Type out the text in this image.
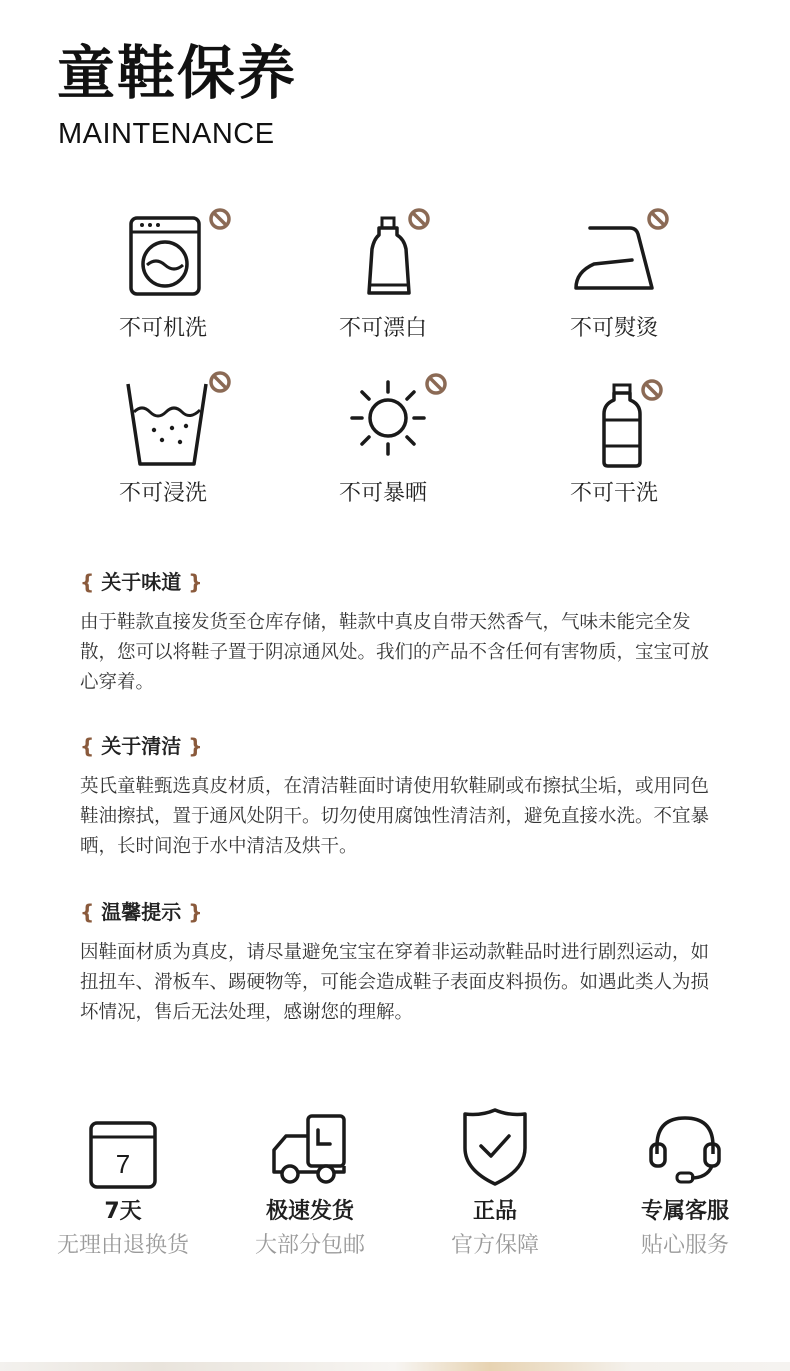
童鞋保养
MAINTENANCE
不可机洗	不可漂白	不可熨烫
不可浸洗	不可暴晒	不可干洗
{ 关于味道 }
由于鞋款直接发货至仓库存储，鞋款中真皮自带天然香气，气味未能完全发散，您可以将鞋子置于阴凉通风处。我们的产品不含任何有害物质，宝宝可放心穿着。
{ 关于清洁 }
英氏童鞋甄选真皮材质，在清洁鞋面时请使用软鞋刷或布擦拭尘垢，或用同色鞋油擦拭，置于通风处阴干。切勿使用腐蚀性清洁剂，避免直接水洗。不宜暴晒，长时间泡于水中清洁及烘干。
{ 温馨提示 }
因鞋面材质为真皮，请尽量避免宝宝在穿着非运动款鞋品时进行剧烈运动，如扭扭车、滑板车、踢硬物等，可能会造成鞋子表面皮料损伤。如遇此类人为损坏情况，售后无法处理，感谢您的理解。
7
7天
无理由退换货
极速发货
大部分包邮
正品
官方保障
专属客服
贴心服务
